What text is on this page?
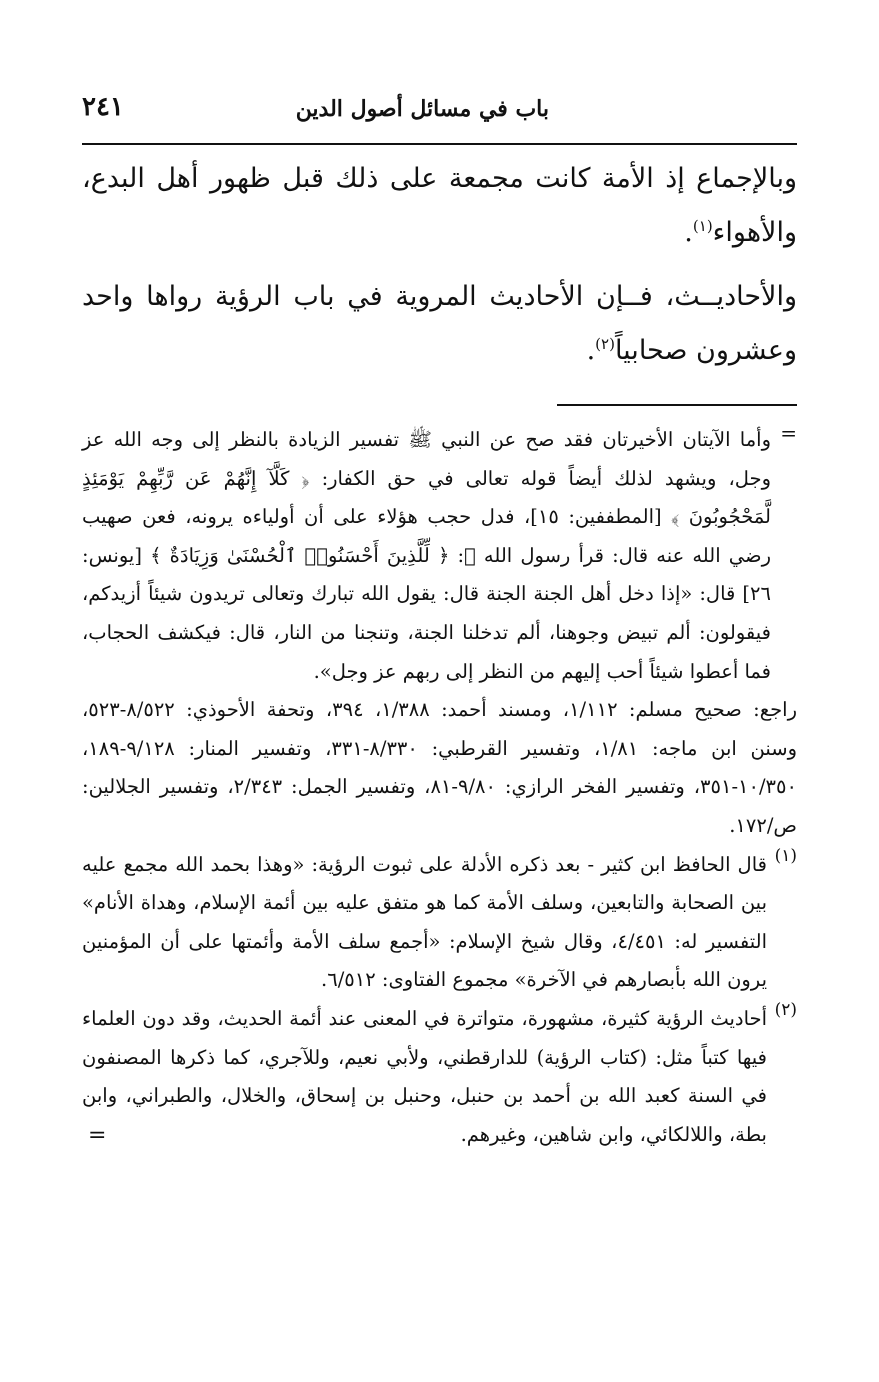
باب في مسائل أصول الدين
٢٤١

وبالإجماع إذ الأمة كانت مجمعة على ذلك قبل ظهور أهل البدع،
والأهواء$^{(١)}$.

والأحاديــث، فــإن الأحاديث المروية في باب الرؤية رواها واحد
وعشرون صحابياً$^{(٢)}$.

=

وأما الآيتان الأخيرتان فقد صح عن النبي ﷺ تفسير الزيادة بالنظر إلى وجه الله عز وجل، ويشهد لذلك أيضاً قوله تعالى في حق الكفار: ﴿ كَلَّآ إِنَّهُمْ عَن رَّبِّهِمْ يَوْمَئِذٍ لَّمَحْجُوبُونَ ﴾ [المطففين: ١٥]، فدل حجب هؤلاء على أن أولياءه يرونه، فعن صهيب رضي الله عنه قال: قرأ رسول الله ﷺ: ﴿ لِّلَّذِينَ أَحْسَنُوا۟ ٱلْحُسْنَىٰ وَزِيَادَةٌ ﴾ [يونس: ٢٦] قال: «إذا دخل أهل الجنة الجنة قال: يقول الله تبارك وتعالى تريدون شيئاً أزيدكم، فيقولون: ألم تبيض وجوهنا، ألم تدخلنا الجنة، وتنجنا من النار، قال: فيكشف الحجاب، فما أعطوا شيئاً أحب إليهم من النظر إلى ربهم عز وجل».

راجع: صحيح مسلم: ١/١١٢، ومسند أحمد: ١/٣٨٨، ٣٩٤، وتحفة الأحوذي: ٨/٥٢٢-٥٢٣، وسنن ابن ماجه: ١/٨١، وتفسير القرطبي: ٨/٣٣٠-٣٣١، وتفسير المنار: ٩/١٢٨-١٨٩، ١٠/٣٥٠-٣٥١، وتفسير الفخر الرازي: ٩/٨٠-٨١، وتفسير الجمل: ٢/٣٤٣، وتفسير الجلالين: ص/١٧٢.

(١)

قال الحافظ ابن كثير - بعد ذكره الأدلة على ثبوت الرؤية: «وهذا بحمد الله مجمع عليه بين الصحابة والتابعين، وسلف الأمة كما هو متفق عليه بين أئمة الإسلام، وهداة الأنام» التفسير له: ٤/٤٥١، وقال شيخ الإسلام: «أجمع سلف الأمة وأئمتها على أن المؤمنين يرون الله بأبصارهم في الآخرة» مجموع الفتاوى: ٦/٥١٢.

(٢)

أحاديث الرؤية كثيرة، مشهورة، متواترة في المعنى عند أئمة الحديث، وقد دون العلماء فيها كتباً مثل: (كتاب الرؤية) للدارقطني، ولأبي نعيم، وللآجري، كما ذكرها المصنفون في السنة كعبد الله بن أحمد بن حنبل، وحنبل بن إسحاق، والخلال، والطبراني، وابن بطة، واللالكائي، وابن شاهين، وغيرهم.

=
